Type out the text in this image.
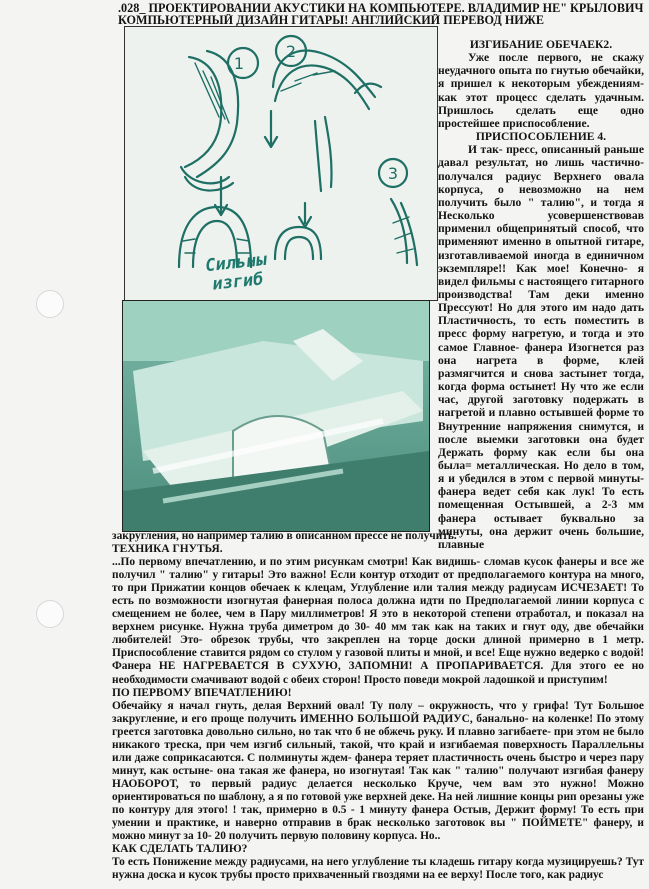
.028_ ПРОЕКТИРОВАНИИ АКУСТИКИ НА КОМПЬЮТЕРЕ. ВЛАДИМИР НЕ" КРЫЛОВИЧ
КОМПЬЮТЕРНЫЙ ДИЗАЙН ГИТАРЫ! АНГЛИЙСКИЙ ПЕРЕВОД НИЖЕ
1
2
3
Сильны
изгиб

ИЗГИБАНИЕ ОБЕЧАЕК2.

Уже после первого, не скажу неудачного опыта по гнутью обечайки, я пришел к некоторым убеждениям- как этот процесс сделать удачным. Пришлось сделать еще одно простейшее приспособление.

ПРИСПОСОБЛЕНИЕ 4.

И так- пресс, описанный раньше давал результат, но лишь частично- получался радиус Верхнего овала корпуса, о невозможно на нем получить было " талию", и тогда я Несколько усовершенствовав применил общепринятый способ, что применяют именно в опытной гитаре, изготавливаемой иногда в единичном экземпляре!! Как мое! Конечно- я видел фильмы с настоящего гитарного производства! Там деки именно Прессуют! Но для этого им надо дать Пластичность, то есть поместить в пресс форму нагретую, и тогда и это самое Главное- фанера Изогнется раз она нагрета в форме, клей размягчится и снова застынет тогда, когда форма остынет! Ну что же если час, другой заготовку подержать в нагретой и плавно остывшей форме то Внутренние напряжения снимутся, и после выемки заготовки она будет Держать форму как если бы она была= металлическая. Но дело в том, я и убедился в этом с первой минуты- фанера ведет себя как лук! То есть помещенная Остывшей, а 2-3 мм фанера остывает буквально за минуты, она держит очень большие, плавные

закругления, но например талию в описанном прессе не получить.

ТЕХНИКА ГНУТЬЯ.

...По первому впечатлению, и по этим рисункам смотри! Как видишь- сломав кусок фанеры и все же получил " талию" у гитары! Это важно! Если контур отходит от предполагаемого контура на много, то при Прижатии концов обечаек к клецам, Углубление или талия между радиусам ИСЧЕЗАЕТ! То есть по возможности изогнутая фанерная полоса должна идти по Предполагаемой линии корпуса с смещением не более, чем в Пару миллиметров! Я это в некоторой степени отработал, и показал на верхнем рисунке. Нужна труба диметром до 30- 40 мм так как на таких и гнут оду, две обечайки любителей! Это- обрезок трубы, что закреплен на торце доски длиной примерно в 1 метр. Приспособление ставится рядом со стулом у газовой плиты и мной, и все! Еще нужно ведерко с водой! Фанера НЕ НАГРЕВАЕТСЯ В СУХУЮ, ЗАПОМНИ! А ПРОПАРИВАЕТСЯ. Для этого ее но необходимости смачивают водой с обеих сторон! Просто поведи мокрой ладошкой и приступим!

ПО ПЕРВОМУ ВПЕЧАТЛЕНИЮ!

Обечайку я начал гнуть, делая Верхний овал! Ту полу – окружность, что у грифа! Тут Большое закругление, и его проще получить ИМЕННО БОЛЬШОЙ РАДИУС, банально- на коленке! По этому греется заготовка довольно сильно, но так что б не обжечь руку. И плавно загибаете- при этом не было никакого треска, при чем изгиб сильный, такой, что край и изгибаемая поверхность Параллельны или даже соприкасаются. С полминуты ждем- фанера теряет пластичность очень быстро и через пару минут, как остыне- она такая же фанера, но изогнутая! Так как " талию" получают изгибая фанеру НАОБОРОТ, то первый радиус делается несколько Круче, чем вам это нужно! Можно ориентироваться по шаблону, а я по готовой уже верхней деке. На ней лишние концы рип орезаны уже по контуру для этого! ! так, примерно в 0.5 - 1 минуту фанера Остыв, Держит форму! То есть при умении и практике, и наверно отправив в брак несколько заготовок вы " ПОЙМЕТЕ" фанеру, и можно минут за 10- 20 получить первую половину корпуса. Но..

КАК СДЕЛАТЬ ТАЛИЮ?

То есть Понижение между радиусами, на него углубление ты кладешь гитару когда музицируешь? Тут нужна доска и кусок трубы просто прихваченный гвоздями на ее верху! После того, как радиус
